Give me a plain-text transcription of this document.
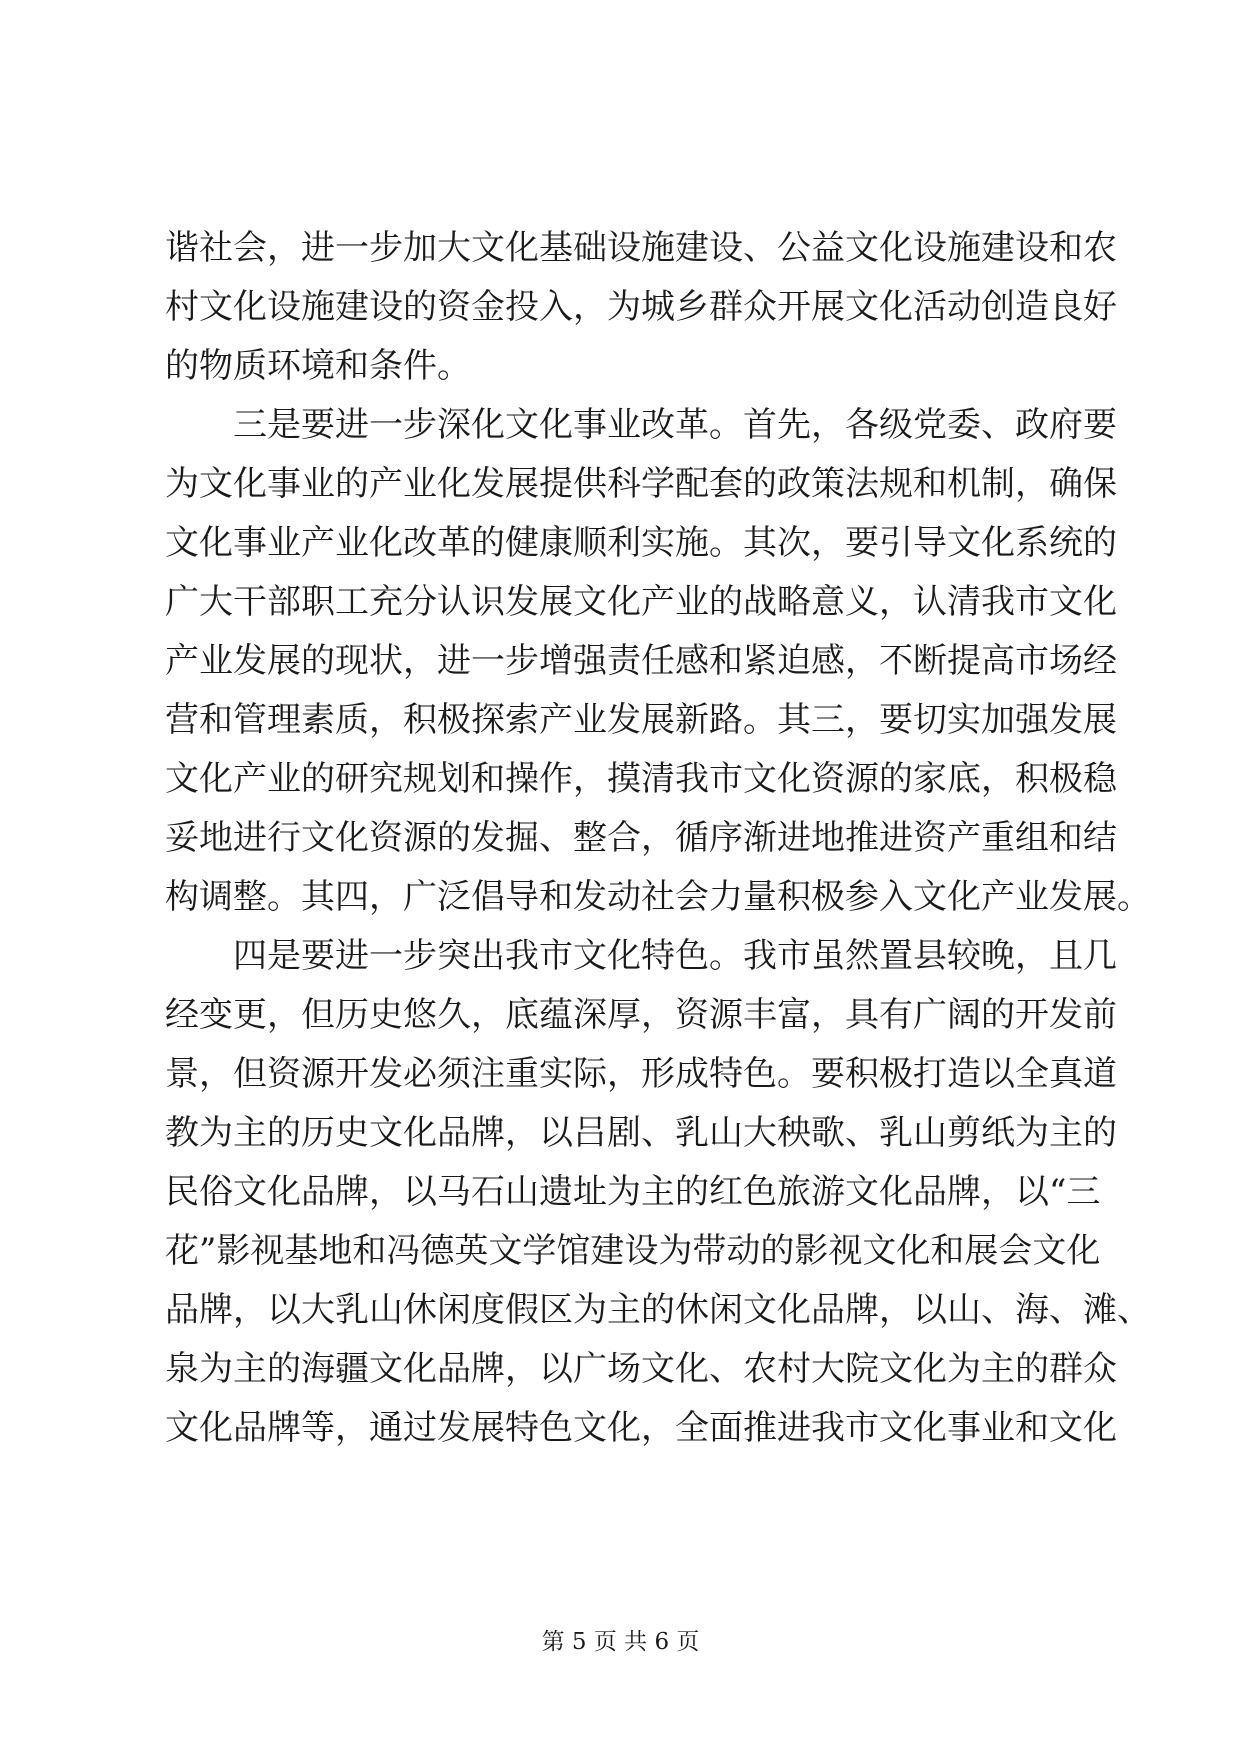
谐社会，进一步加大文化基础设施建设、公益文化设施建设和农
村文化设施建设的资金投入，为城乡群众开展文化活动创造良好
的物质环境和条件。
三是要进一步深化文化事业改革。首先，各级党委、政府要
为文化事业的产业化发展提供科学配套的政策法规和机制，确保
文化事业产业化改革的健康顺利实施。其次，要引导文化系统的
广大干部职工充分认识发展文化产业的战略意义，认清我市文化
产业发展的现状，进一步增强责任感和紧迫感，不断提高市场经
营和管理素质，积极探索产业发展新路。其三，要切实加强发展
文化产业的研究规划和操作，摸清我市文化资源的家底，积极稳
妥地进行文化资源的发掘、整合，循序渐进地推进资产重组和结
构调整。其四，广泛倡导和发动社会力量积极参入文化产业发展。
四是要进一步突出我市文化特色。我市虽然置县较晚，且几
经变更，但历史悠久，底蕴深厚，资源丰富，具有广阔的开发前
景，但资源开发必须注重实际，形成特色。要积极打造以全真道
教为主的历史文化品牌，以吕剧、乳山大秧歌、乳山剪纸为主的
民俗文化品牌，以马石山遗址为主的红色旅游文化品牌，以“三
花”影视基地和冯德英文学馆建设为带动的影视文化和展会文化
品牌，以大乳山休闲度假区为主的休闲文化品牌，以山、海、滩、
泉为主的海疆文化品牌，以广场文化、农村大院文化为主的群众
文化品牌等，通过发展特色文化，全面推进我市文化事业和文化
第 5 页 共 6 页
